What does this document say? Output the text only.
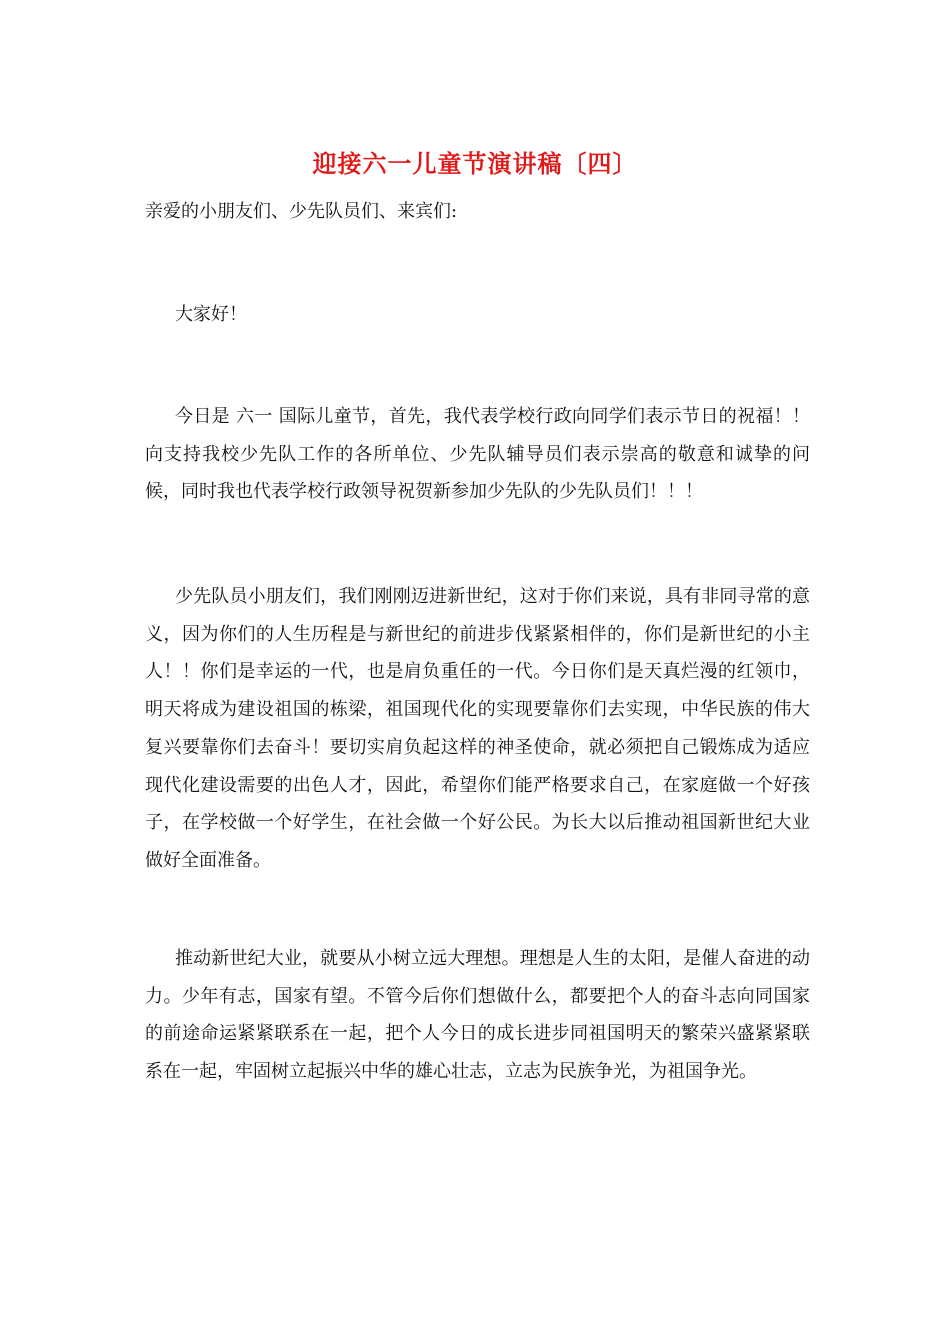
迎接六一儿童节演讲稿〔四〕
亲爱的小朋友们、少先队员们、来宾们:

大家好！

今日是 六一 国际儿童节，首先，我代表学校行政向同学们表示节日的祝福！！向支持我校少先队工作的各所单位、少先队辅导员们表示崇高的敬意和诚挚的问候，同时我也代表学校行政领导祝贺新参加少先队的少先队员们！！！

少先队员小朋友们，我们刚刚迈进新世纪，这对于你们来说，具有非同寻常的意义，因为你们的人生历程是与新世纪的前进步伐紧紧相伴的，你们是新世纪的小主人！！你们是幸运的一代，也是肩负重任的一代。今日你们是天真烂漫的红领巾，明天将成为建设祖国的栋梁，祖国现代化的实现要靠你们去实现，中华民族的伟大复兴要靠你们去奋斗！要切实肩负起这样的神圣使命，就必须把自己锻炼成为适应现代化建设需要的出色人才，因此，希望你们能严格要求自己，在家庭做一个好孩子，在学校做一个好学生，在社会做一个好公民。为长大以后推动祖国新世纪大业做好全面准备。

推动新世纪大业，就要从小树立远大理想。理想是人生的太阳，是催人奋进的动力。少年有志，国家有望。不管今后你们想做什么，都要把个人的奋斗志向同国家的前途命运紧紧联系在一起，把个人今日的成长进步同祖国明天的繁荣兴盛紧紧联系在一起，牢固树立起振兴中华的雄心壮志，立志为民族争光，为祖国争光。
